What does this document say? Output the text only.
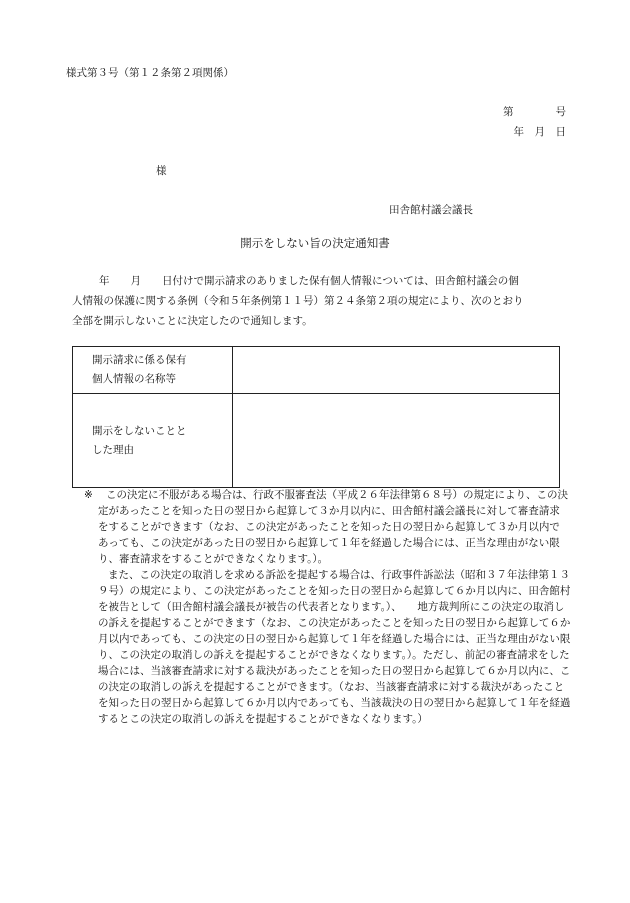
様式第３号（第１２条第２項関係）
第　　　　号
年　月　日
様
田舎館村議会議長
開示をしない旨の決定通知書
年　　月　　日付けで開示請求のありました保有個人情報については、田舎館村議会の個
人情報の保護に関する条例（令和５年条例第１１号）第２４条第２項の規定により、次のとおり
全部を開示しないことに決定したので通知します。
開示請求に係る保有
個人情報の名称等	

開示をしないことと
した理由	

※ この決定に不服がある場合は、行政不服審査法（平成２６年法律第６８号）の規定により、この決
定があったことを知った日の翌日から起算して３か月以内に、田舎館村議会議長に対して審査請求
をすることができます（なお、この決定があったことを知った日の翌日から起算して３か月以内で
あっても、この決定があった日の翌日から起算して１年を経過した場合には、正当な理由がない限
り、審査請求をすることができなくなります。）。
また、この決定の取消しを求める訴訟を提起する場合は、行政事件訴訟法（昭和３７年法律第１３
９号）の規定により、この決定があったことを知った日の翌日から起算して６か月以内に、田舎館村
を被告として（田舎館村議会議長が被告の代表者となります。）、　　地方裁判所にこの決定の取消し
の訴えを提起することができます（なお、この決定があったことを知った日の翌日から起算して６か
月以内であっても、この決定の日の翌日から起算して１年を経過した場合には、正当な理由がない限
り、この決定の取消しの訴えを提起することができなくなります。）。ただし、前記の審査請求をした
場合には、当該審査請求に対する裁決があったことを知った日の翌日から起算して６か月以内に、こ
の決定の取消しの訴えを提起することができます。（なお、当該審査請求に対する裁決があったこと
を知った日の翌日から起算して６か月以内であっても、当該裁決の日の翌日から起算して１年を経過
するとこの決定の取消しの訴えを提起することができなくなります。）
